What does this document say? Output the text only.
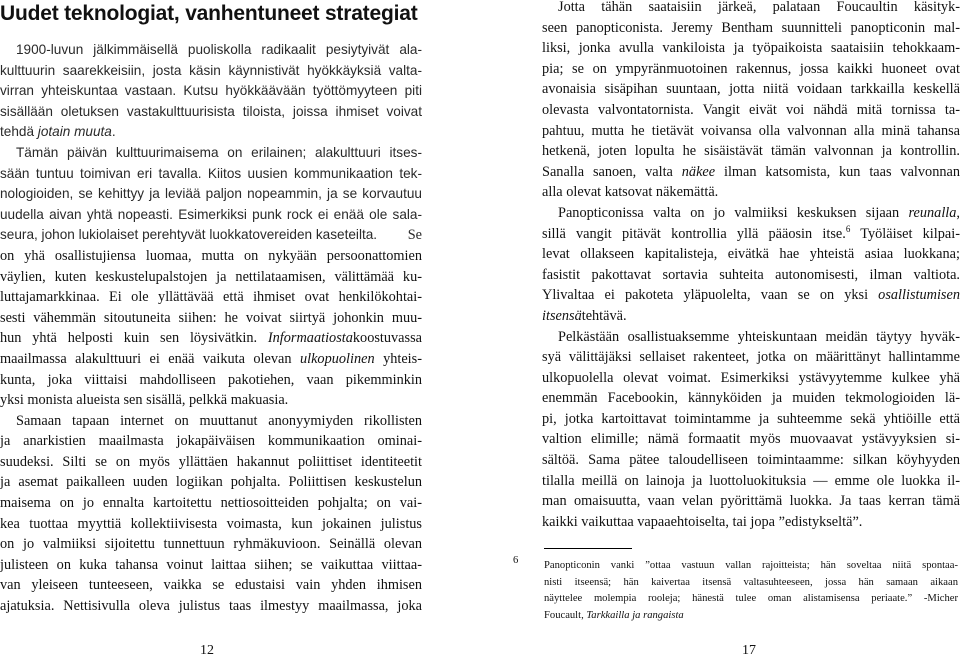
Uudet teknologiat, vanhentuneet strategiat
1900-luvun jälkimmäisellä puoliskolla radikaalit pesiytyivät ala-
kulttuurin saarekkeisiin, josta käsin käynnistivät hyökkäyksiä valta-
virran yhteiskuntaa vastaan. Kutsu hyökkäävään työttömyyteen piti
sisällään oletuksen vastakulttuurisista tiloista, joissa ihmiset voivat
tehdä jotain muuta.
Tämän päivän kulttuurimaisema on erilainen; alakulttuuri itses-
sään tuntuu toimivan eri tavalla. Kiitos uusien kommunikaation tek-
nologioiden, se kehittyy ja leviää paljon nopeammin, ja se korvautuu
uudella aivan yhtä nopeasti. Esimerkiksi punk rock ei enää ole sala-
seura, johon lukiolaiset perehtyvät luokkatovereiden kaseteilta. Se
on yhä osallistujiensa luomaa, mutta on nykyään persoonattomien
väylien, kuten keskustelupalstojen ja nettilataamisen, välittämää ku-
luttajamarkkinaa. Ei ole yllättävää että ihmiset ovat henkilökohtai-
sesti vähemmän sitoutuneita siihen: he voivat siirtyä johonkin muu-
hun yhtä helposti kuin sen löysivätkin. Informaatiostakoostuvassa
maailmassa alakulttuuri ei enää vaikuta olevan ulkopuolinen yhteis-
kunta, joka viittaisi mahdolliseen pakotiehen, vaan pikemminkin
yksi monista alueista sen sisällä, pelkkä makuasia.
Samaan tapaan internet on muuttanut anonyymiyden rikollisten
ja anarkistien maailmasta jokapäiväisen kommunikaation ominai-
suudeksi. Silti se on myös yllättäen hakannut poliittiset identiteetit
ja asemat paikalleen uuden logiikan pohjalta. Poliittisen keskustelun
maisema on jo ennalta kartoitettu nettiosoitteiden pohjalta; on vai-
kea tuottaa myyttiä kollektiivisesta voimasta, kun jokainen julistus
on jo valmiiksi sijoitettu tunnettuun ryhmäkuvioon. Seinällä olevan
julisteen on kuka tahansa voinut laittaa siihen; se vaikuttaa viittaa-
van yleiseen tunteeseen, vaikka se edustaisi vain yhden ihmisen
ajatuksia. Nettisivulla oleva julistus taas ilmestyy maailmassa, joka
12
Jotta tähän saataisiin järkeä, palataan Foucaultin käsityk-
seen panopticonista. Jeremy Bentham suunnitteli panopticonin mal-
liksi, jonka avulla vankiloista ja työpaikoista saataisiin tehokkaam-
pia; se on ympyränmuotoinen rakennus, jossa kaikki huoneet ovat
avonaisia sisäpihan suuntaan, jotta niitä voidaan tarkkailla keskellä
olevasta valvontatornista. Vangit eivät voi nähdä mitä tornissa ta-
pahtuu, mutta he tietävät voivansa olla valvonnan alla minä tahansa
hetkenä, joten lopulta he sisäistävät tämän valvonnan ja kontrollin.
Sanalla sanoen, valta näkee ilman katsomista, kun taas valvonnan
alla olevat katsovat näkemättä.
Panopticonissa valta on jo valmiiksi keskuksen sijaan reunalla,
sillä vangit pitävät kontrollia yllä pääosin itse.$^6$ Työläiset kilpai-
levat ollakseen kapitalisteja, eivätkä hae yhteistä asiaa luokkana;
fasistit pakottavat sortavia suhteita autonomisesti, ilman valtiota.
Ylivaltaa ei pakoteta yläpuolelta, vaan se on yksi osallistumisen
itsensätehtävä.
Pelkästään osallistuaksemme yhteiskuntaan meidän täytyy hyväk-
syä välittäjäksi sellaiset rakenteet, jotka on määrittänyt hallintamme
ulkopuolella olevat voimat. Esimerkiksi ystävyytemme kulkee yhä
enemmän Facebookin, kännyköiden ja muiden tekmologioiden lä-
pi, jotka kartoittavat toimintamme ja suhteemme sekä yhtiöille että
valtion elimille; nämä formaatit myös muovaavat ystävyyksien si-
sältöä. Sama pätee taloudelliseen toimintaamme: silkan köyhyyden
tilalla meillä on lainoja ja luottoluokituksia — emme ole luokka il-
man omaisuutta, vaan velan pyörittämä luokka. Ja taas kerran tämä
kaikki vaikuttaa vapaaehtoiselta, tai jopa ”edistykseltä”.
6 Panopticonin vanki ”ottaa vastuun vallan rajoitteista; hän soveltaa niitä spontaa-
nisti itseensä; hän kaivertaa itsensä valtasuhteeseen, jossa hän samaan aikaan
näyttelee molempia rooleja; hänestä tulee oman alistamisensa periaate.” -Micher
Foucault, Tarkkailla ja rangaista
17
